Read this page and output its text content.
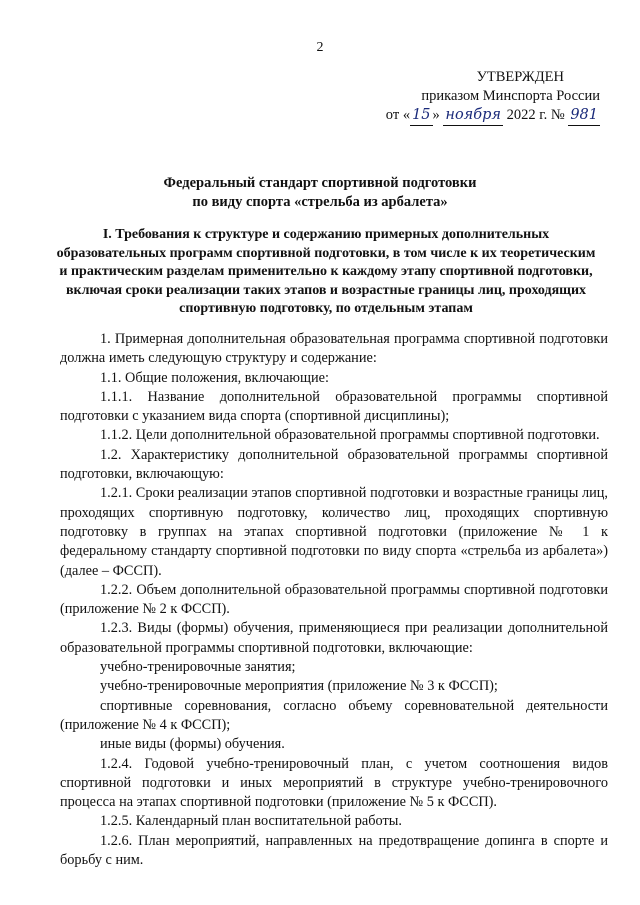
2
УТВЕРЖДЕН
приказом Минспорта России
от « 15 » ноября 2022 г. № 981
Федеральный стандарт спортивной подготовки
по виду спорта «стрельба из арбалета»
I. Требования к структуре и содержанию примерных дополнительных образовательных программ спортивной подготовки, в том числе к их теоретическим и практическим разделам применительно к каждому этапу спортивной подготовки, включая сроки реализации таких этапов и возрастные границы лиц, проходящих спортивную подготовку, по отдельным этапам

1. Примерная дополнительная образовательная программа спортивной подготовки должна иметь следующую структуру и содержание:

1.1. Общие положения, включающие:

1.1.1. Название дополнительной образовательной программы спортивной подготовки с указанием вида спорта (спортивной дисциплины);

1.1.2. Цели дополнительной образовательной программы спортивной подготовки.

1.2. Характеристику дополнительной образовательной программы спортивной подготовки, включающую:

1.2.1. Сроки реализации этапов спортивной подготовки и возрастные границы лиц, проходящих спортивную подготовку, количество лиц, проходящих спортивную подготовку в группах на этапах спортивной подготовки (приложение № 1 к федеральному стандарту спортивной подготовки по виду спорта «стрельба из арбалета») (далее – ФССП).

1.2.2. Объем дополнительной образовательной программы спортивной подготовки (приложение № 2 к ФССП).

1.2.3. Виды (формы) обучения, применяющиеся при реализации дополнительной образовательной программы спортивной подготовки, включающие:

учебно-тренировочные занятия;

учебно-тренировочные мероприятия (приложение № 3 к ФССП);

спортивные соревнования, согласно объему соревновательной деятельности (приложение № 4 к ФССП);

иные виды (формы) обучения.

1.2.4. Годовой учебно-тренировочный план, с учетом соотношения видов спортивной подготовки и иных мероприятий в структуре учебно-тренировочного процесса на этапах спортивной подготовки (приложение № 5 к ФССП).

1.2.5. Календарный план воспитательной работы.

1.2.6. План мероприятий, направленных на предотвращение допинга в спорте и борьбу с ним.
